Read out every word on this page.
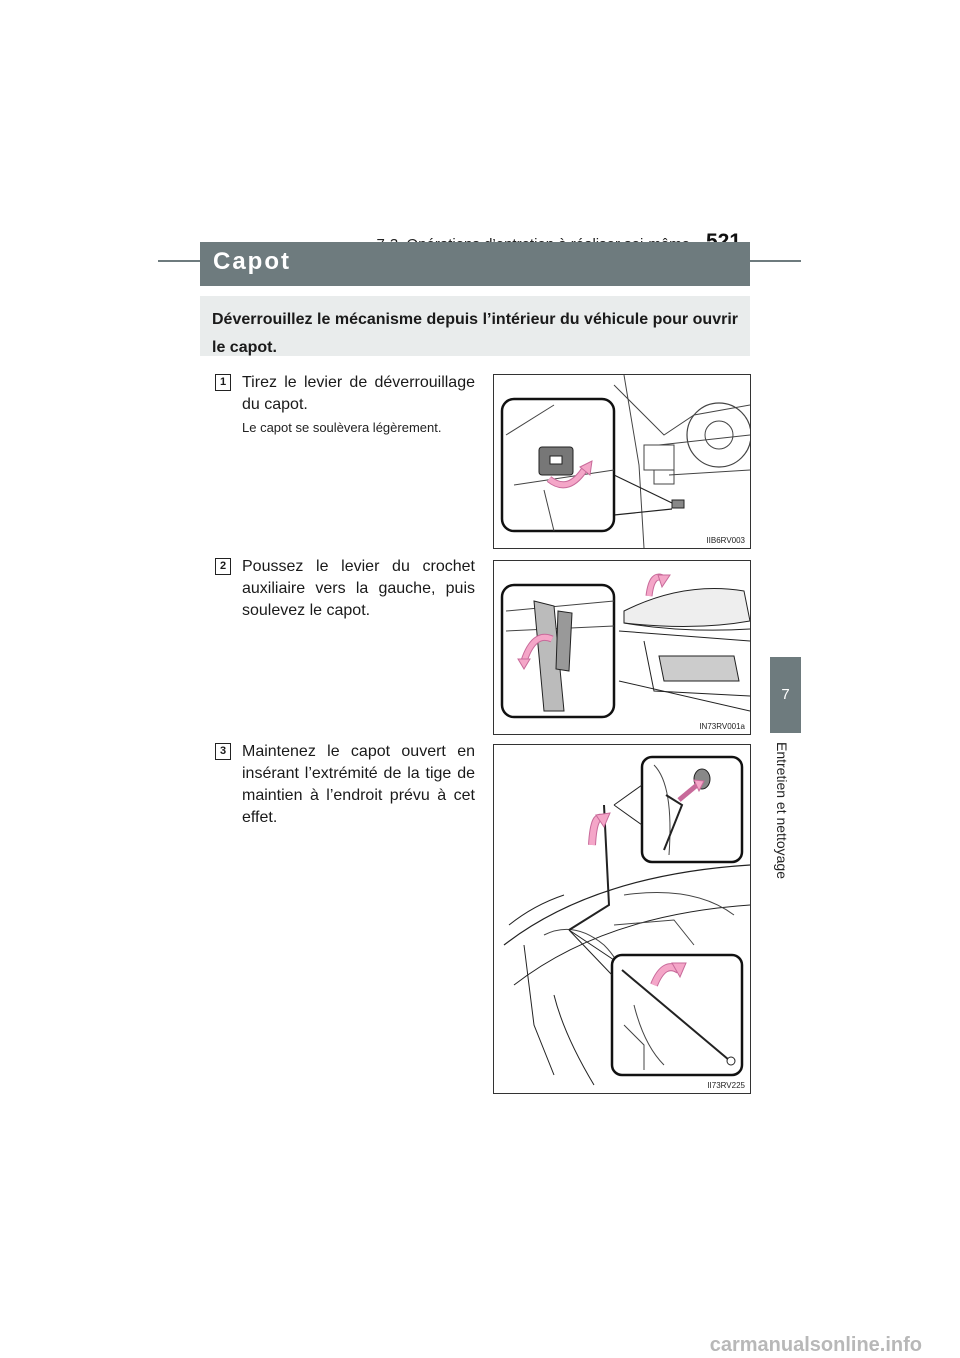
7
Entretien et nettoyage
Capot

Déverrouillez le mécanisme depuis l’intérieur du véhicule pour ouvrir le capot.

1 Tirez le levier de déverrouillage du capot.
Le capot se soulèvera légèrement.
IIB6RV003
2 Poussez le levier du crochet auxiliaire vers la gauche, puis soulevez le capot.
IN73RV001a
3 Maintenez le capot ouvert en insérant l’extrémité de la tige de maintien à l’endroit prévu à cet effet.
II73RV225
carmanualsonline.info
